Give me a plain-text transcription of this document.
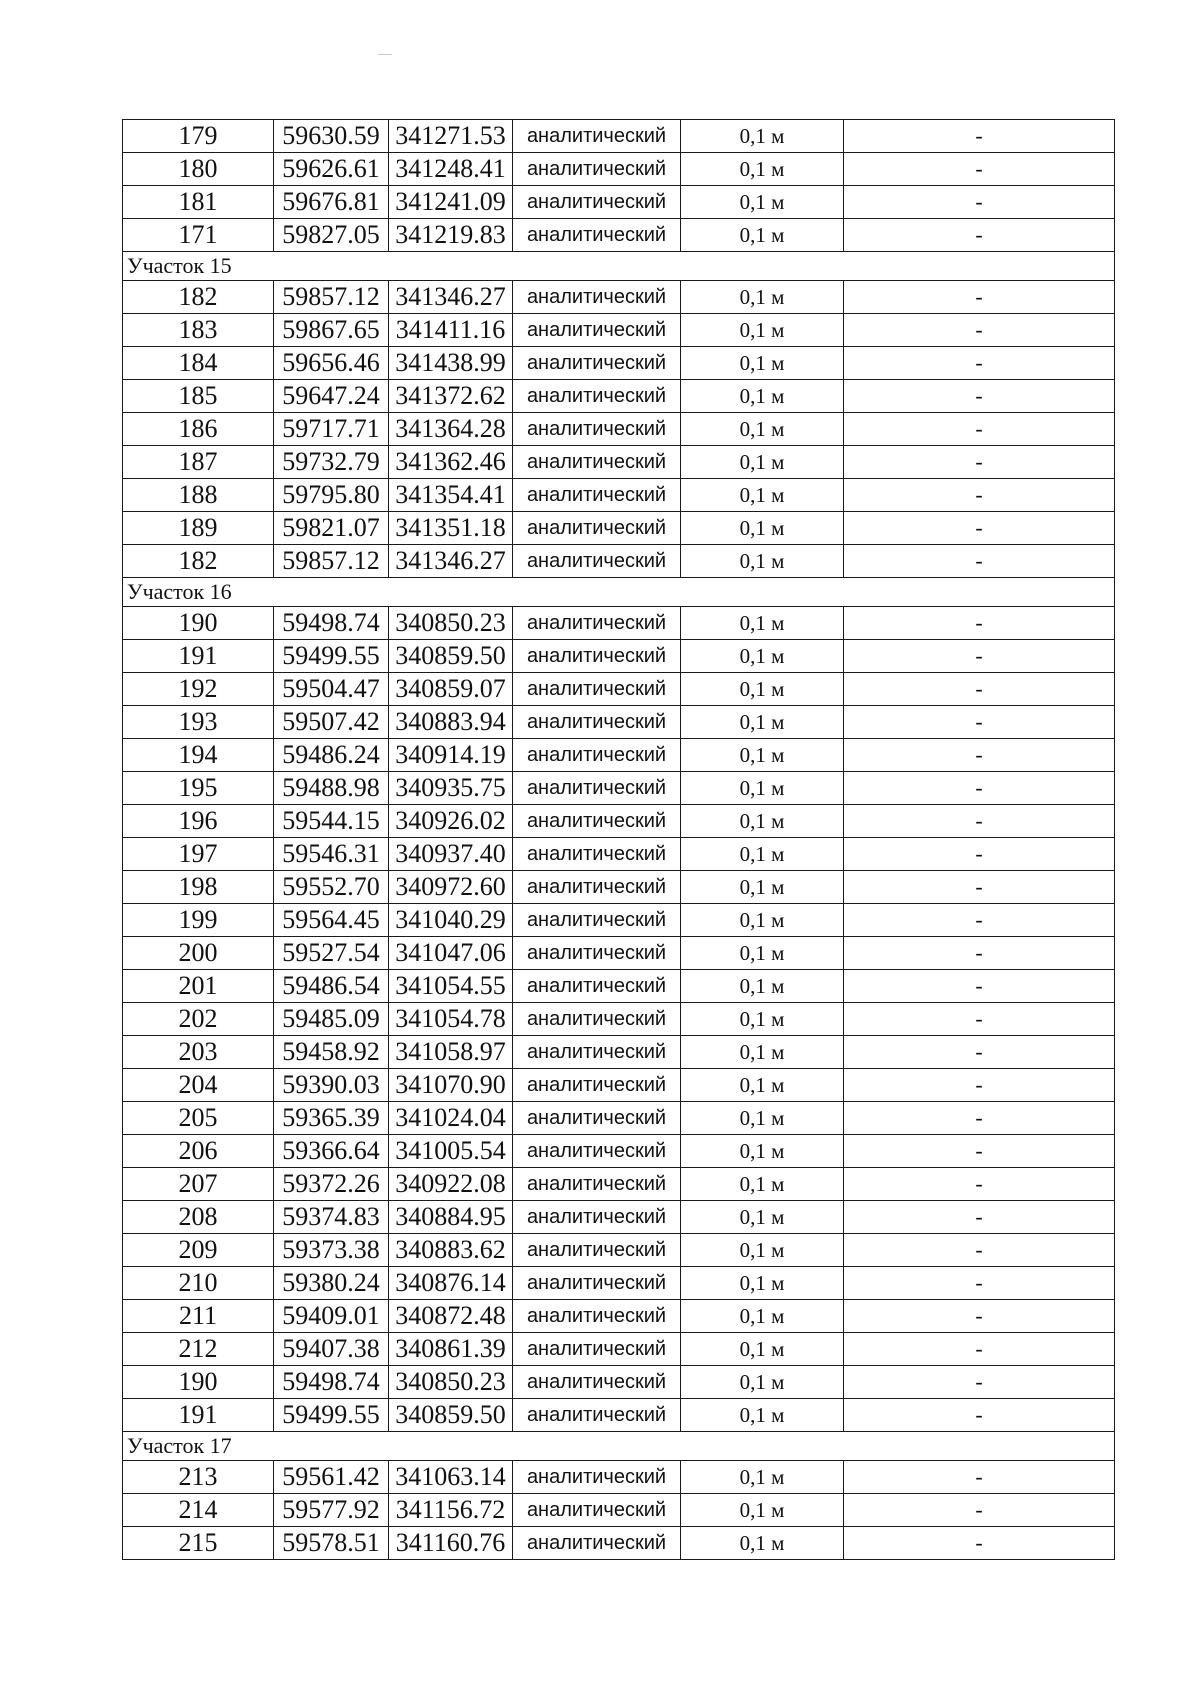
179	59630.59	341271.53	аналитический	0,1 м	-
180	59626.61	341248.41	аналитический	0,1 м	-
181	59676.81	341241.09	аналитический	0,1 м	-
171	59827.05	341219.83	аналитический	0,1 м	-
Участок 15					
182	59857.12	341346.27	аналитический	0,1 м	-
183	59867.65	341411.16	аналитический	0,1 м	-
184	59656.46	341438.99	аналитический	0,1 м	-
185	59647.24	341372.62	аналитический	0,1 м	-
186	59717.71	341364.28	аналитический	0,1 м	-
187	59732.79	341362.46	аналитический	0,1 м	-
188	59795.80	341354.41	аналитический	0,1 м	-
189	59821.07	341351.18	аналитический	0,1 м	-
182	59857.12	341346.27	аналитический	0,1 м	-
Участок 16					
190	59498.74	340850.23	аналитический	0,1 м	-
191	59499.55	340859.50	аналитический	0,1 м	-
192	59504.47	340859.07	аналитический	0,1 м	-
193	59507.42	340883.94	аналитический	0,1 м	-
194	59486.24	340914.19	аналитический	0,1 м	-
195	59488.98	340935.75	аналитический	0,1 м	-
196	59544.15	340926.02	аналитический	0,1 м	-
197	59546.31	340937.40	аналитический	0,1 м	-
198	59552.70	340972.60	аналитический	0,1 м	-
199	59564.45	341040.29	аналитический	0,1 м	-
200	59527.54	341047.06	аналитический	0,1 м	-
201	59486.54	341054.55	аналитический	0,1 м	-
202	59485.09	341054.78	аналитический	0,1 м	-
203	59458.92	341058.97	аналитический	0,1 м	-
204	59390.03	341070.90	аналитический	0,1 м	-
205	59365.39	341024.04	аналитический	0,1 м	-
206	59366.64	341005.54	аналитический	0,1 м	-
207	59372.26	340922.08	аналитический	0,1 м	-
208	59374.83	340884.95	аналитический	0,1 м	-
209	59373.38	340883.62	аналитический	0,1 м	-
210	59380.24	340876.14	аналитический	0,1 м	-
211	59409.01	340872.48	аналитический	0,1 м	-
212	59407.38	340861.39	аналитический	0,1 м	-
190	59498.74	340850.23	аналитический	0,1 м	-
191	59499.55	340859.50	аналитический	0,1 м	-
Участок 17					
213	59561.42	341063.14	аналитический	0,1 м	-
214	59577.92	341156.72	аналитический	0,1 м	-
215	59578.51	341160.76	аналитический	0,1 м	-
